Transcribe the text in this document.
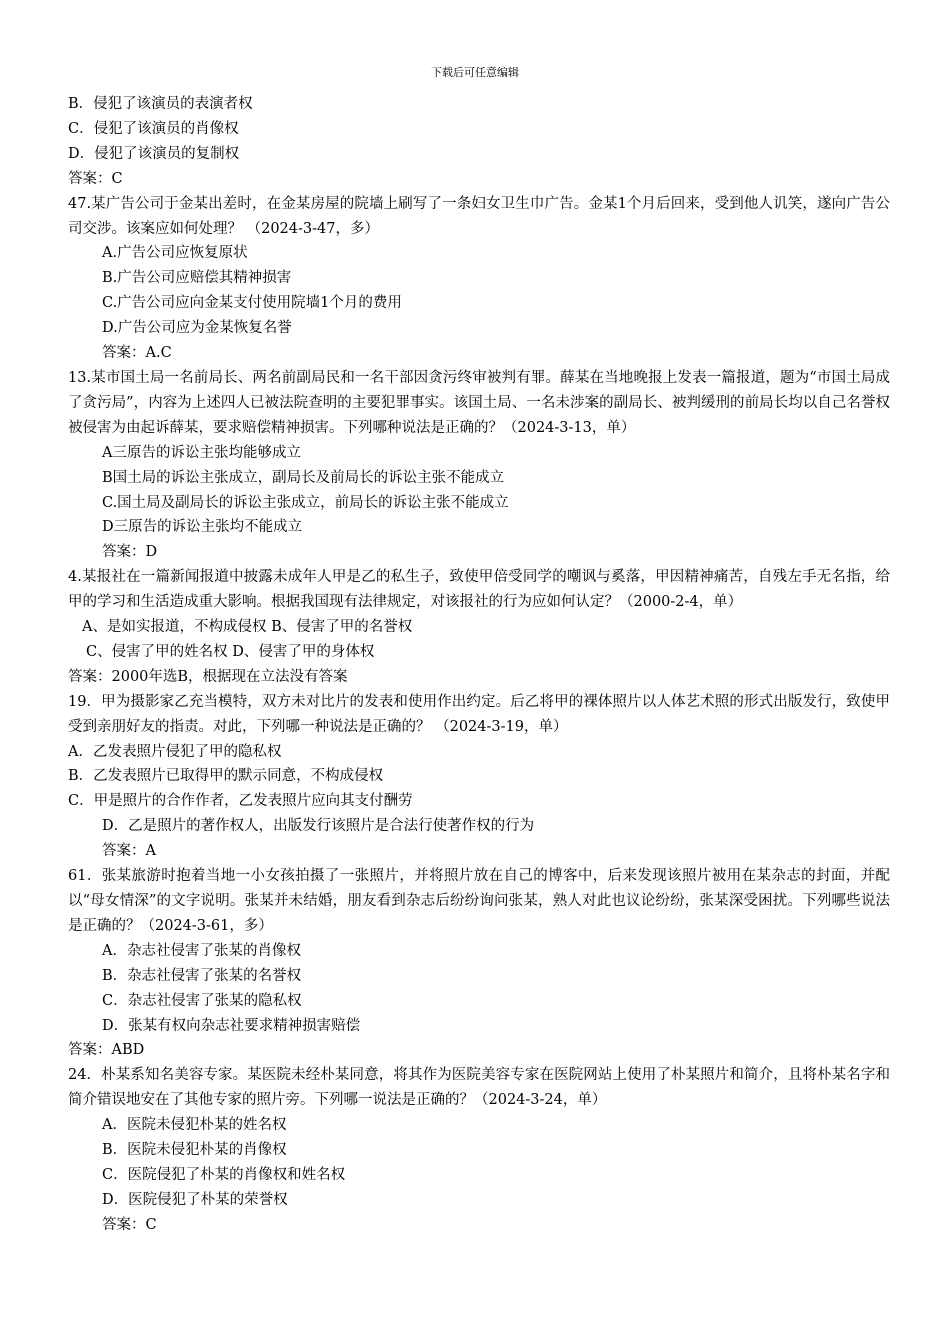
下载后可任意编辑
B．侵犯了该演员的表演者权
C．侵犯了该演员的肖像权
D．侵犯了该演员的复制权
答案：C
47.某广告公司于金某出差时，在金某房屋的院墙上刷写了一条妇女卫生巾广告。金某1个月后回来，受到他人讥笑，遂向广告公司交涉。该案应如何处理？ （2024-3-47，多）
A.广告公司应恢复原状
B.广告公司应赔偿其精神损害
C.广告公司应向金某支付使用院墙1个月的费用
D.广告公司应为金某恢复名誉
答案：A.C
13.某市国土局一名前局长、两名前副局民和一名干部因贪污终审被判有罪。薛某在当地晚报上发表一篇报道，题为“市国土局成了贪污局”，内容为上述四人已被法院查明的主要犯罪事实。该国土局、一名未涉案的副局长、被判缓刑的前局长均以自己名誉权被侵害为由起诉薛某，要求赔偿精神损害。下列哪种说法是正确的？（2024-3-13，单）
A三原告的诉讼主张均能够成立
B国土局的诉讼主张成立，副局长及前局长的诉讼主张不能成立
C.国土局及副局长的诉讼主张成立，前局长的诉讼主张不能成立
D三原告的诉讼主张均不能成立
答案：D
4.某报社在一篇新闻报道中披露未成年人甲是乙的私生子，致使甲倍受同学的嘲讽与奚落，甲因精神痛苦，自残左手无名指，给甲的学习和生活造成重大影响。根据我国现有法律规定，对该报社的行为应如何认定？（2000-2-4，单）
A、是如实报道，不构成侵权 B、侵害了甲的名誉权
C、侵害了甲的姓名权 D、侵害了甲的身体权
答案：2000年选B，根据现在立法没有答案
19．甲为摄影家乙充当模特，双方未对比片的发表和使用作出约定。后乙将甲的裸体照片以人体艺术照的形式出版发行，致使甲受到亲朋好友的指责。对此，下列哪一种说法是正确的？ （2024-3-19，单）
A．乙发表照片侵犯了甲的隐私权
B．乙发表照片已取得甲的默示同意，不构成侵权
C．甲是照片的合作作者，乙发表照片应向其支付酬劳
D．乙是照片的著作权人，出版发行该照片是合法行使著作权的行为
答案：A
61．张某旅游时抱着当地一小女孩拍摄了一张照片，并将照片放在自己的博客中，后来发现该照片被用在某杂志的封面，并配以“母女情深”的文字说明。张某并未结婚，朋友看到杂志后纷纷询问张某，熟人对此也议论纷纷，张某深受困扰。下列哪些说法是正确的？（2024-3-61，多）
A．杂志社侵害了张某的肖像权
B．杂志社侵害了张某的名誉权
C．杂志社侵害了张某的隐私权
D．张某有权向杂志社要求精神损害赔偿
答案：ABD
24．朴某系知名美容专家。某医院未经朴某同意，将其作为医院美容专家在医院网站上使用了朴某照片和简介，且将朴某名字和简介错误地安在了其他专家的照片旁。下列哪一说法是正确的？（2024-3-24，单）
A．医院未侵犯朴某的姓名权
B．医院未侵犯朴某的肖像权
C．医院侵犯了朴某的肖像权和姓名权
D．医院侵犯了朴某的荣誉权
答案：C
